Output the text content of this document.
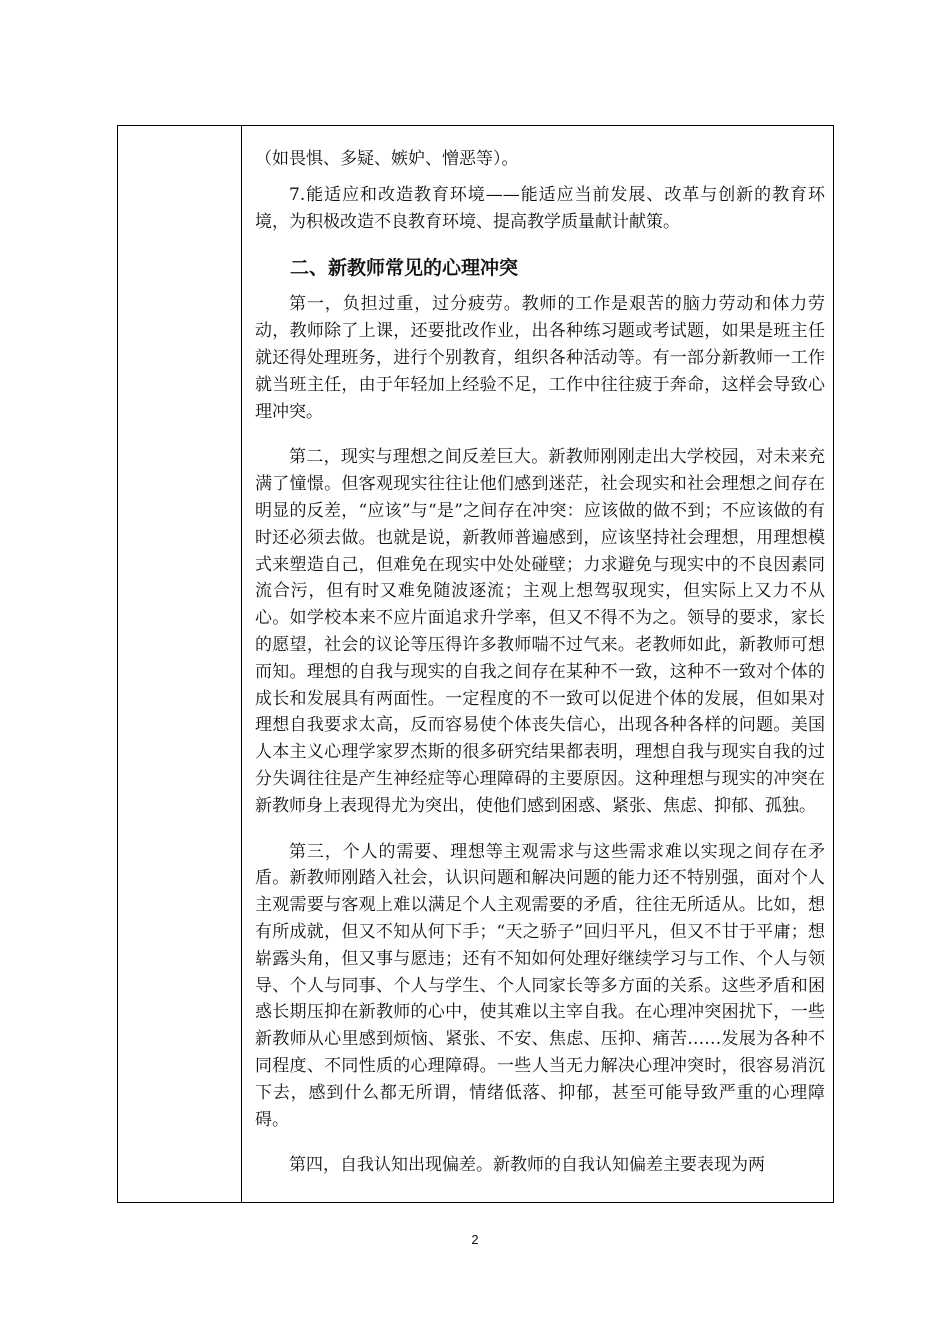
（如畏惧、多疑、嫉妒、憎恶等）。

7.能适应和改造教育环境——能适应当前发展、改革与创新的教育环境，为积极改造不良教育环境、提高教学质量献计献策。

二、新教师常见的心理冲突

第一，负担过重，过分疲劳。教师的工作是艰苦的脑力劳动和体力劳动，教师除了上课，还要批改作业，出各种练习题或考试题，如果是班主任就还得处理班务，进行个别教育，组织各种活动等。有一部分新教师一工作就当班主任，由于年轻加上经验不足，工作中往往疲于奔命，这样会导致心理冲突。

第二，现实与理想之间反差巨大。新教师刚刚走出大学校园，对未来充满了憧憬。但客观现实往往让他们感到迷茫，社会现实和社会理想之间存在明显的反差，“应该”与“是”之间存在冲突：应该做的做不到；不应该做的有时还必须去做。也就是说，新教师普遍感到，应该坚持社会理想，用理想模式来塑造自己，但难免在现实中处处碰壁；力求避免与现实中的不良因素同流合污，但有时又难免随波逐流；主观上想驾驭现实，但实际上又力不从心。如学校本来不应片面追求升学率，但又不得不为之。领导的要求，家长的愿望，社会的议论等压得许多教师喘不过气来。老教师如此，新教师可想而知。理想的自我与现实的自我之间存在某种不一致，这种不一致对个体的成长和发展具有两面性。一定程度的不一致可以促进个体的发展，但如果对理想自我要求太高，反而容易使个体丧失信心，出现各种各样的问题。美国人本主义心理学家罗杰斯的很多研究结果都表明，理想自我与现实自我的过分失调往往是产生神经症等心理障碍的主要原因。这种理想与现实的冲突在新教师身上表现得尤为突出，使他们感到困惑、紧张、焦虑、抑郁、孤独。

第三，个人的需要、理想等主观需求与这些需求难以实现之间存在矛盾。新教师刚踏入社会，认识问题和解决问题的能力还不特别强，面对个人主观需要与客观上难以满足个人主观需要的矛盾，往往无所适从。比如，想有所成就，但又不知从何下手；“天之骄子”回归平凡，但又不甘于平庸；想崭露头角，但又事与愿违；还有不知如何处理好继续学习与工作、个人与领导、个人与同事、个人与学生、个人同家长等多方面的关系。这些矛盾和困惑长期压抑在新教师的心中，使其难以主宰自我。在心理冲突困扰下，一些新教师从心里感到烦恼、紧张、不安、焦虑、压抑、痛苦……发展为各种不同程度、不同性质的心理障碍。一些人当无力解决心理冲突时，很容易消沉下去，感到什么都无所谓，情绪低落、抑郁，甚至可能导致严重的心理障碍。

第四，自我认知出现偏差。新教师的自我认知偏差主要表现为两

2
